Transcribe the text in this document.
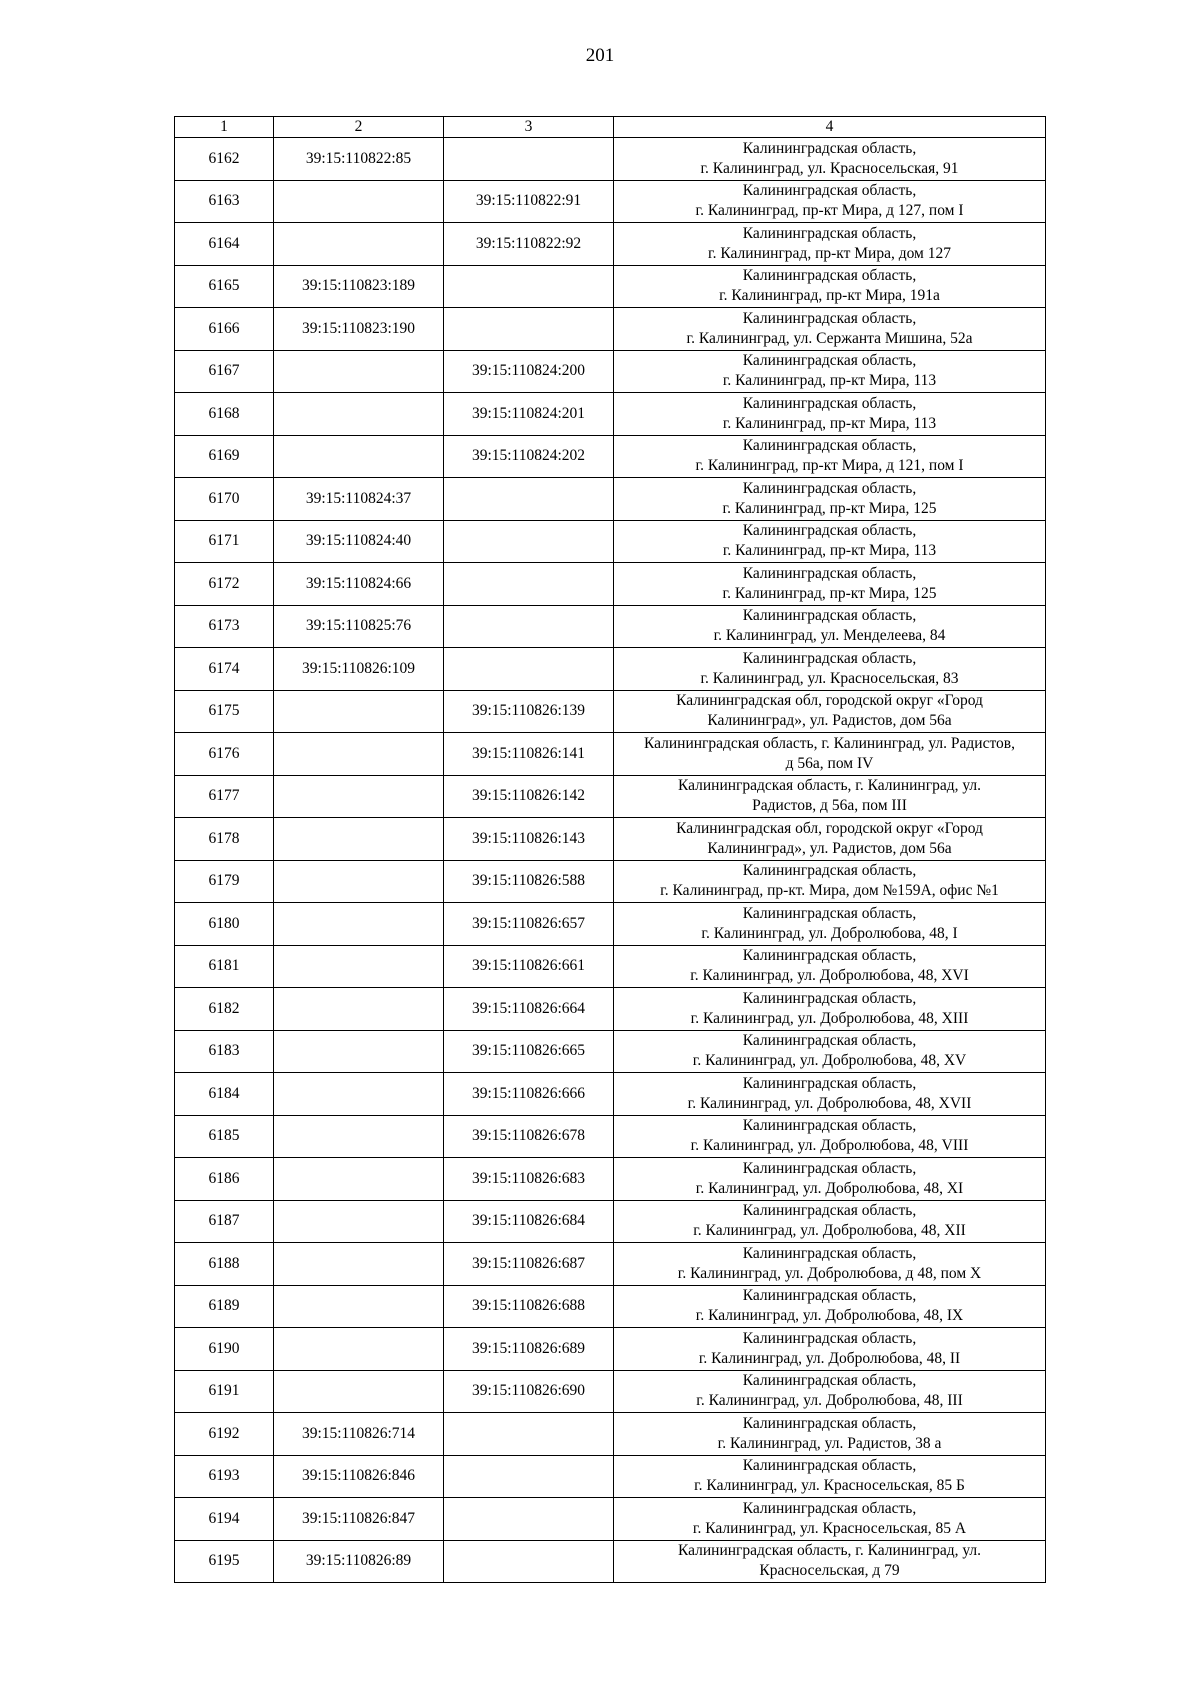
201
1	2	3	4
6162	39:15:110822:85		Калининградская область,
г. Калининград, ул. Красносельская, 91

6163		39:15:110822:91	Калининградская область,
г. Калининград, пр-кт Мира, д 127, пом I

6164		39:15:110822:92	Калининградская область,
г. Калининград, пр-кт Мира, дом 127

6165	39:15:110823:189		Калининградская область,
г. Калининград, пр-кт Мира, 191а

6166	39:15:110823:190		Калининградская область,
г. Калининград, ул. Сержанта Мишина, 52а

6167		39:15:110824:200	Калининградская область,
г. Калининград, пр-кт Мира, 113

6168		39:15:110824:201	Калининградская область,
г. Калининград, пр-кт Мира, 113

6169		39:15:110824:202	Калининградская область,
г. Калининград, пр-кт Мира, д 121, пом I

6170	39:15:110824:37		Калининградская область,
г. Калининград, пр-кт Мира, 125

6171	39:15:110824:40		Калининградская область,
г. Калининград, пр-кт Мира, 113

6172	39:15:110824:66		Калининградская область,
г. Калининград, пр-кт Мира, 125

6173	39:15:110825:76		Калининградская область,
г. Калининград, ул. Менделеева, 84

6174	39:15:110826:109		Калининградская область,
г. Калининград, ул. Красносельская, 83

6175		39:15:110826:139	Калининградская обл, городской округ «Город
Калининград», ул. Радистов, дом 56а

6176		39:15:110826:141	Калининградская область, г. Калининград, ул. Радистов,
д 56а, пом IV

6177		39:15:110826:142	Калининградская область, г. Калининград, ул.
Радистов, д 56а, пом III

6178		39:15:110826:143	Калининградская обл, городской округ «Город
Калининград», ул. Радистов, дом 56а

6179		39:15:110826:588	Калининградская область,
г. Калининград, пр-кт. Мира, дом №159А, офис №1

6180		39:15:110826:657	Калининградская область,
г. Калининград, ул. Добролюбова, 48, I

6181		39:15:110826:661	Калининградская область,
г. Калининград, ул. Добролюбова, 48, XVI

6182		39:15:110826:664	Калининградская область,
г. Калининград, ул. Добролюбова, 48, XIII

6183		39:15:110826:665	Калининградская область,
г. Калининград, ул. Добролюбова, 48, XV

6184		39:15:110826:666	Калининградская область,
г. Калининград, ул. Добролюбова, 48, XVII

6185		39:15:110826:678	Калининградская область,
г. Калининград, ул. Добролюбова, 48, VIII

6186		39:15:110826:683	Калининградская область,
г. Калининград, ул. Добролюбова, 48, XI

6187		39:15:110826:684	Калининградская область,
г. Калининград, ул. Добролюбова, 48, XII

6188		39:15:110826:687	Калининградская область,
г. Калининград, ул. Добролюбова, д 48, пом X

6189		39:15:110826:688	Калининградская область,
г. Калининград, ул. Добролюбова, 48, IX

6190		39:15:110826:689	Калининградская область,
г. Калининград, ул. Добролюбова, 48, II

6191		39:15:110826:690	Калининградская область,
г. Калининград, ул. Добролюбова, 48, III

6192	39:15:110826:714		Калининградская область,
г. Калининград, ул. Радистов, 38 а

6193	39:15:110826:846		Калининградская область,
г. Калининград, ул. Красносельская, 85 Б

6194	39:15:110826:847		Калининградская область,
г. Калининград, ул. Красносельская, 85 А

6195	39:15:110826:89		Калининградская область, г. Калининград, ул.
Красносельская, д 79
